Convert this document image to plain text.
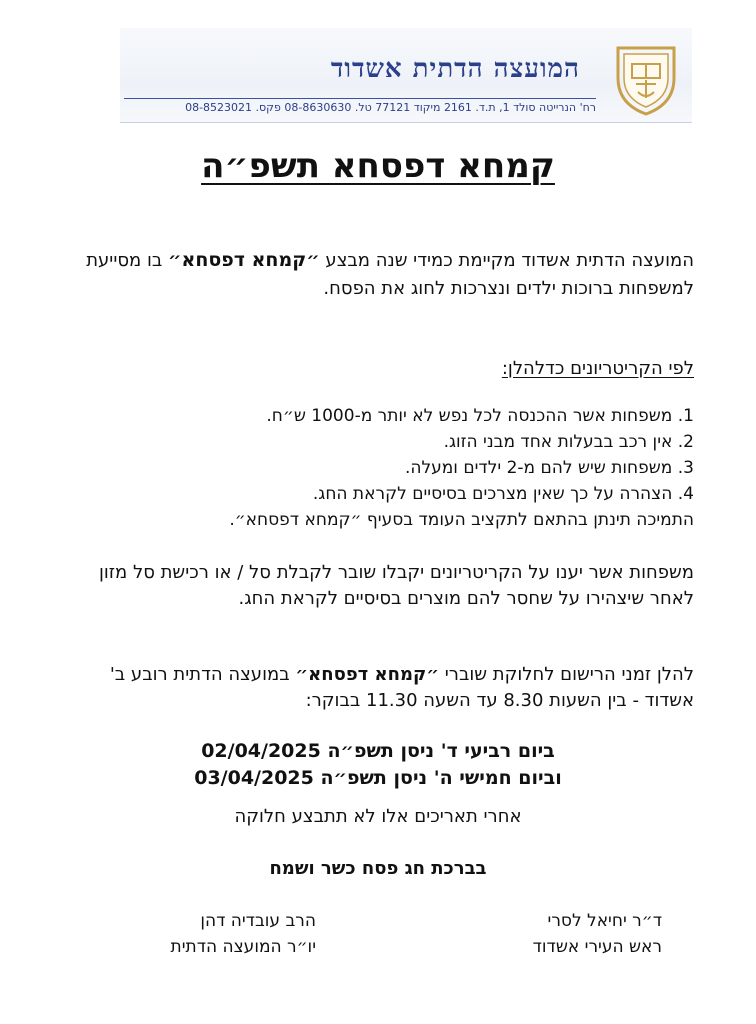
המועצה הדתית אשדוד
רח' הנרייטה סולד 1, ת.ד. 2161 מיקוד 77121 טל. 08-8630630 פקס. 08-8523021
קמחא דפסחא תשפ״ה
המועצה הדתית אשדוד מקיימת כמידי שנה מבצע ״קמחא דפסחא״ בו מסייעת למשפחות ברוכות ילדים ונצרכות לחוג את הפסח.
לפי הקריטריונים כדלהלן:
1. משפחות אשר ההכנסה לכל נפש לא יותר מ-1000 ש״ח.
2. אין רכב בבעלות אחד מבני הזוג.
3. משפחות שיש להם מ-2 ילדים ומעלה.
4. הצהרה על כך שאין מצרכים בסיסיים לקראת החג.
התמיכה תינתן בהתאם לתקציב העומד בסעיף ״קמחא דפסחא״.
משפחות אשר יענו על הקריטריונים יקבלו שובר לקבלת סל / או רכישת סל מזון לאחר שיצהירו על שחסר להם מוצרים בסיסיים לקראת החג.
להלן זמני הרישום לחלוקת שוברי ״קמחא דפסחא״ במועצה הדתית רובע ב' אשדוד - בין השעות 8.30 עד השעה 11.30 בבוקר:
ביום רביעי ד' ניסן תשפ״ה 02/04/2025
וביום חמישי ה' ניסן תשפ״ה 03/04/2025
אחרי תאריכים אלו לא תתבצע חלוקה
בברכת חג פסח כשר ושמח
ד״ר יחיאל לסרי
ראש העירי אשדוד
הרב עובדיה דהן
יו״ר המועצה הדתית
